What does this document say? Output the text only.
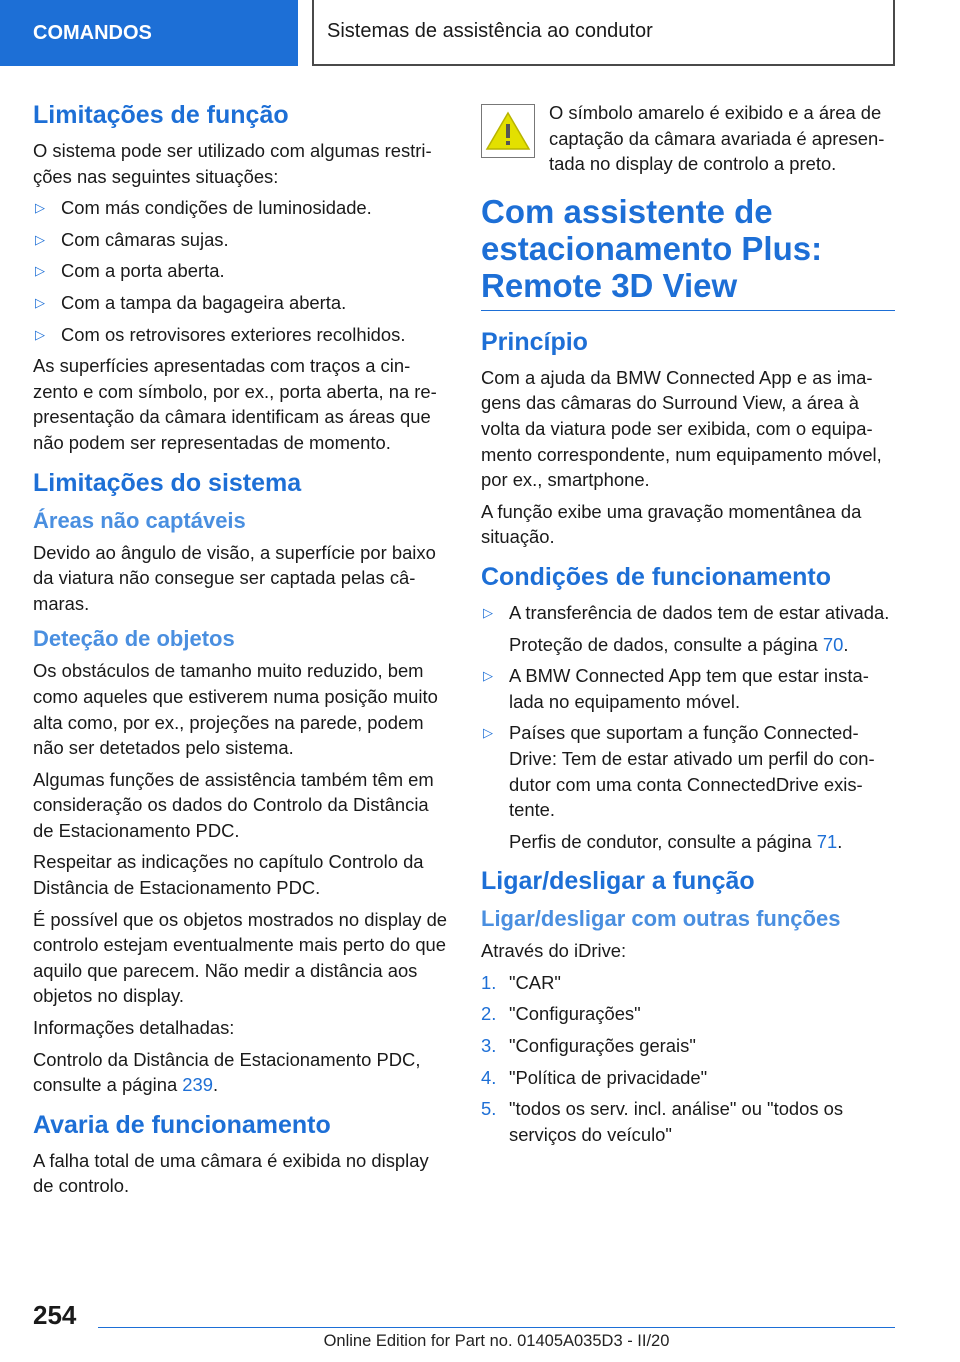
COMANDOS	Sistemas de assistência ao condutor
Limitações de função

O sistema pode ser utilizado com algumas restrições nas seguintes situações:

▷ Com más condições de luminosidade.
▷ Com câmaras sujas.
▷ Com a porta aberta.
▷ Com a tampa da bagageira aberta.
▷ Com os retrovisores exteriores recolhidos.

As superfícies apresentadas com traços a cinzento e com símbolo, por ex., porta aberta, na representação da câmara identificam as áreas que não podem ser representadas de momento.

Limitações do sistema
Áreas não captáveis

Devido ao ângulo de visão, a superfície por baixo da viatura não consegue ser captada pelas câmaras.

Deteção de objetos

Os obstáculos de tamanho muito reduzido, bem como aqueles que estiverem numa posição muito alta como, por ex., projeções na parede, podem não ser detetados pelo sistema.

Algumas funções de assistência também têm em consideração os dados do Controlo da Distância de Estacionamento PDC.

Respeitar as indicações no capítulo Controlo da Distância de Estacionamento PDC.

É possível que os objetos mostrados no display de controlo estejam eventualmente mais perto do que aquilo que parecem. Não medir a distância aos objetos no display.

Informações detalhadas:

Controlo da Distância de Estacionamento PDC, consulte a página 239.

Avaria de funcionamento

A falha total de uma câmara é exibida no display de controlo.

O símbolo amarelo é exibido e a área de captação da câmara avariada é apresentada no display de controlo a preto.

Com assistente de estacionamento Plus: Remote 3D View
Princípio

Com a ajuda da BMW Connected App e as imagens das câmaras do Surround View, a área à volta da viatura pode ser exibida, com o equipamento correspondente, num equipamento móvel, por ex., smartphone.

A função exibe uma gravação momentânea da situação.

Condições de funcionamento
▷ A transferência de dados tem de estar ativada.
Proteção de dados, consulte a página 70.
▷ A BMW Connected App tem que estar instalada no equipamento móvel.
▷ Países que suportam a função ConnectedDrive: Tem de estar ativado um perfil do condutor com uma conta ConnectedDrive existente.
Perfis de condutor, consulte a página 71.
Ligar/desligar a função
Ligar/desligar com outras funções

Através do iDrive:

1. "CAR"
2. "Configurações"
3. "Configurações gerais"
4. "Política de privacidade"
5. "todos os serv. incl. análise" ou "todos os serviços do veículo"
254
Online Edition for Part no. 01405A035D3 - II/20
